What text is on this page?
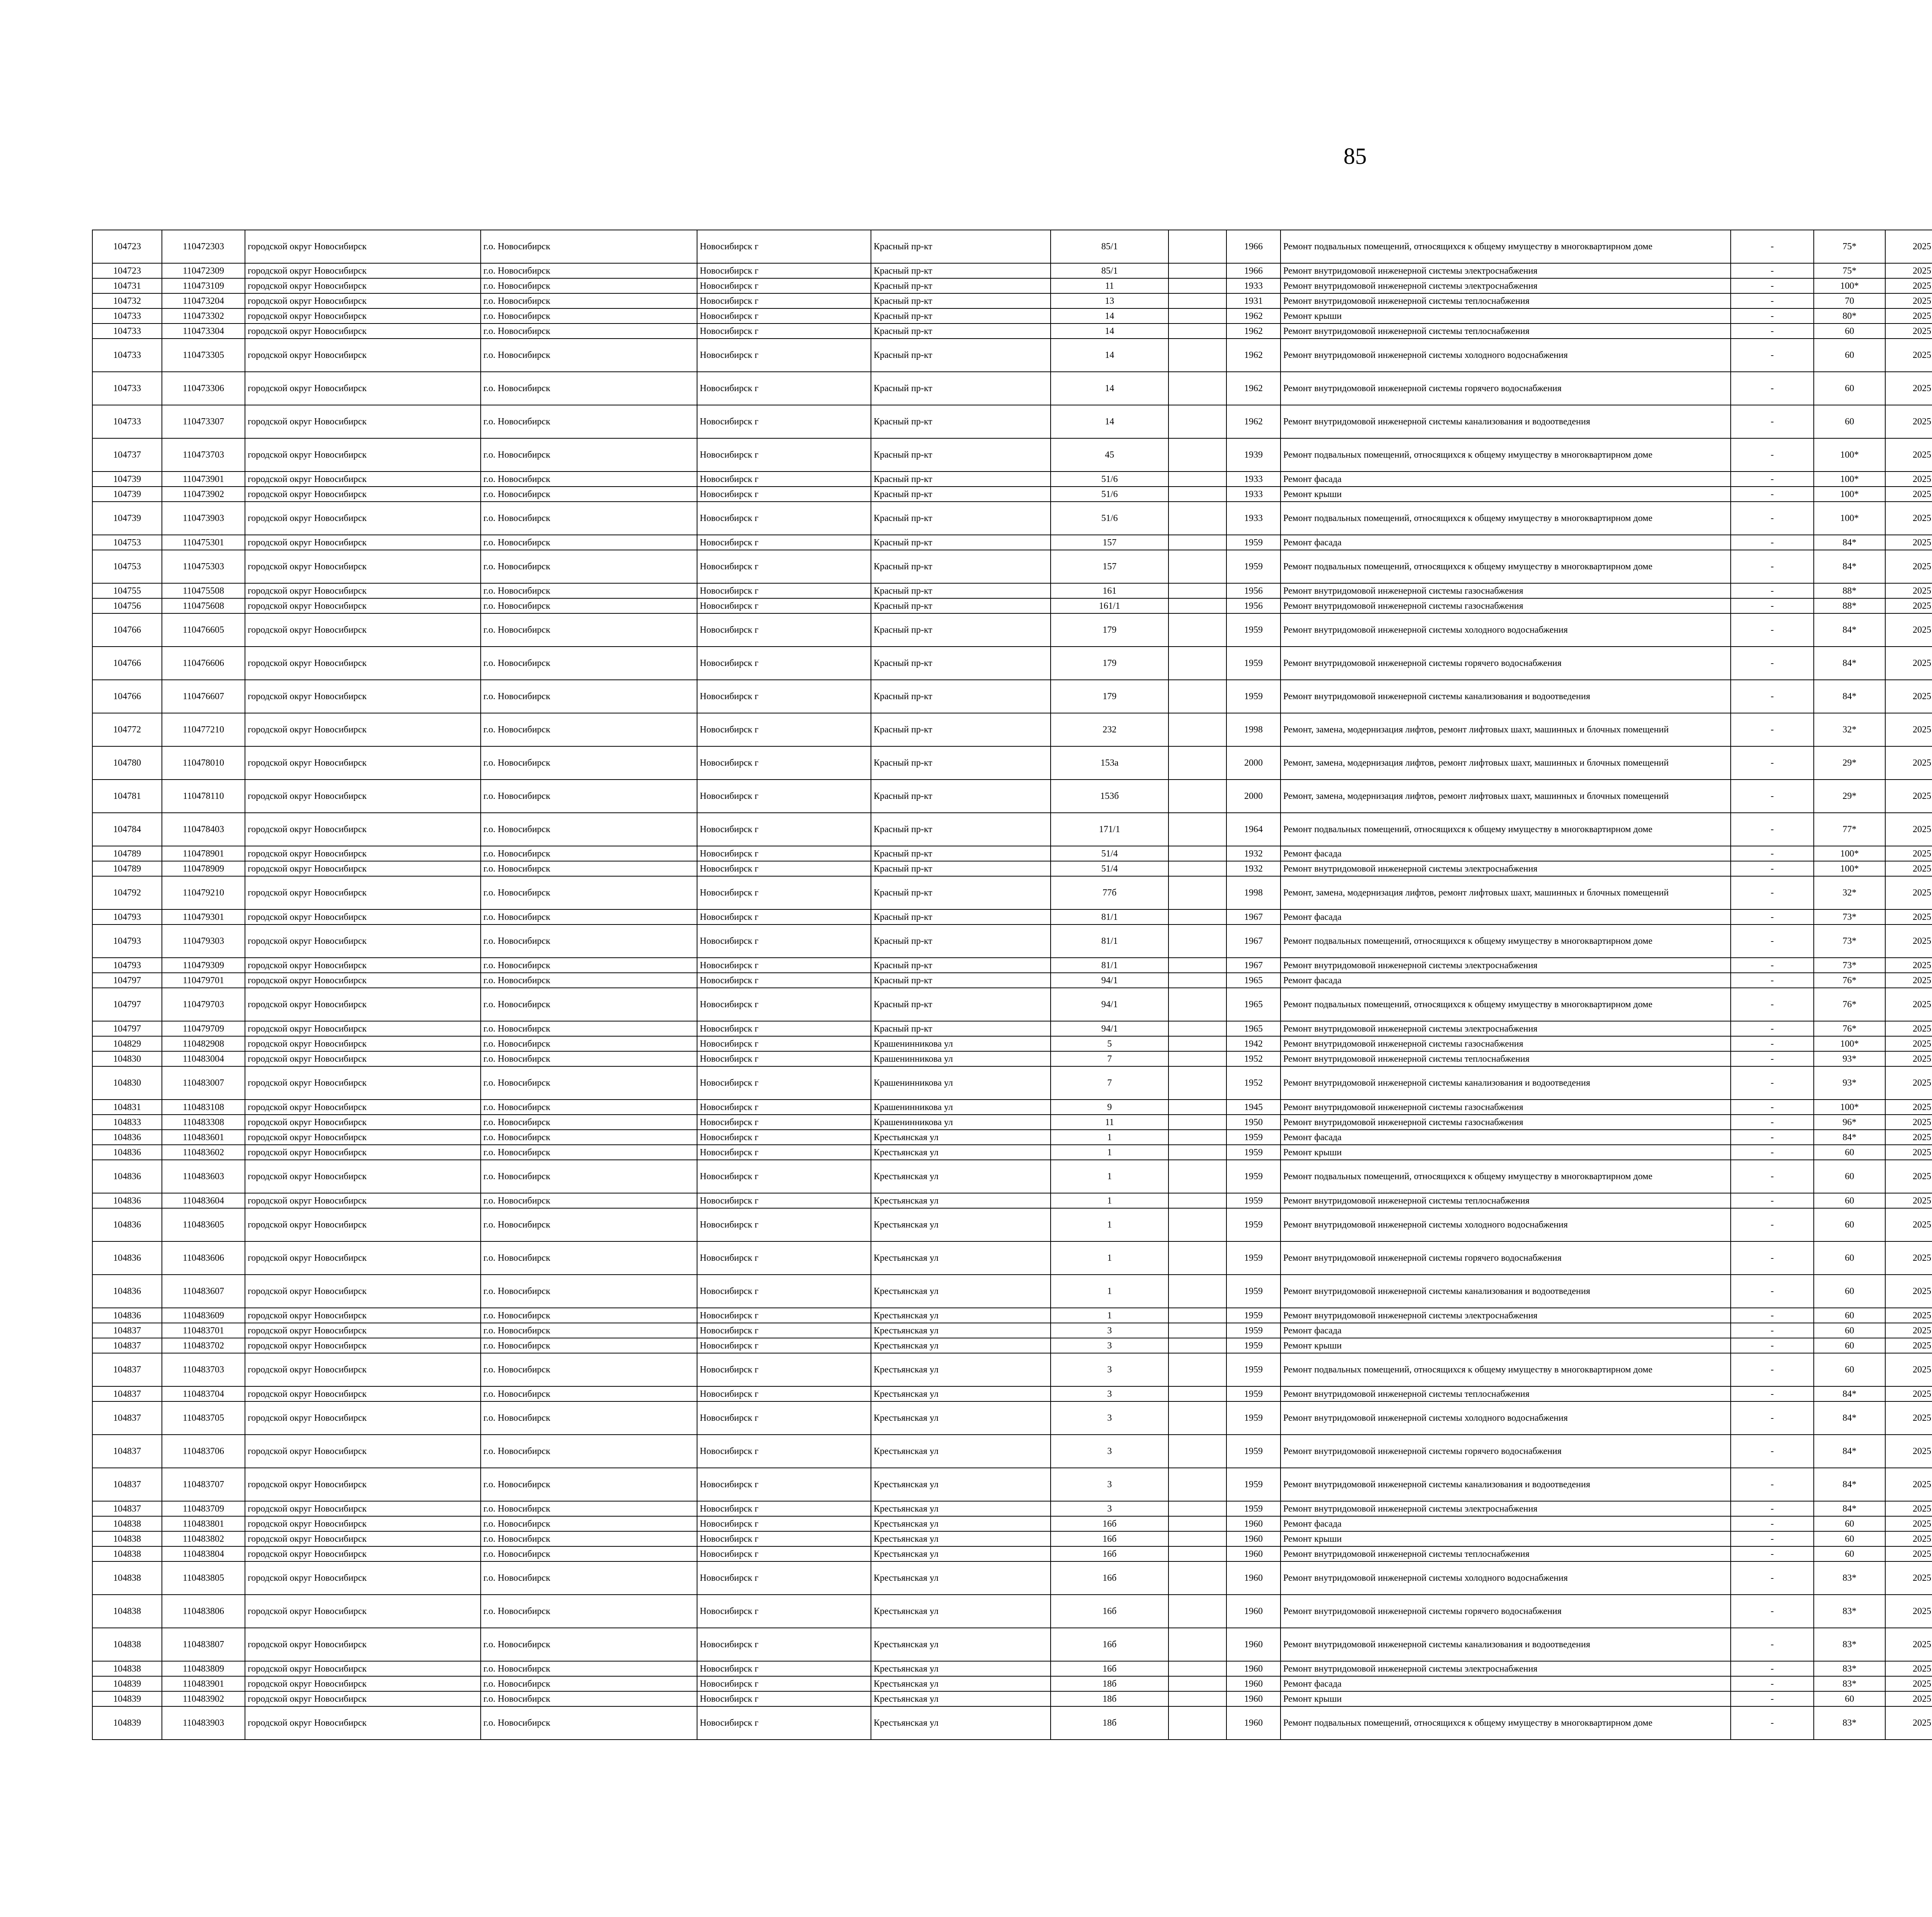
85
104723	110472303	городской округ Новосибирск	г.о. Новосибирск	Новосибирск г	Красный пр-кт	85/1		1966	Ремонт подвальных помещений, относящихся к общему имуществу в многоквартирном доме	-	75*	2025						
104723	110472309	городской округ Новосибирск	г.о. Новосибирск	Новосибирск г	Красный пр-кт	85/1		1966	Ремонт внутридомовой инженерной системы электроснабжения	-	75*	2025						
104731	110473109	городской округ Новосибирск	г.о. Новосибирск	Новосибирск г	Красный пр-кт	11		1933	Ремонт внутридомовой инженерной системы электроснабжения	-	100*	2025						
104732	110473204	городской округ Новосибирск	г.о. Новосибирск	Новосибирск г	Красный пр-кт	13		1931	Ремонт внутридомовой инженерной системы теплоснабжения	-	70	2025						
104733	110473302	городской округ Новосибирск	г.о. Новосибирск	Новосибирск г	Красный пр-кт	14		1962	Ремонт крыши	-	80*	2025						
104733	110473304	городской округ Новосибирск	г.о. Новосибирск	Новосибирск г	Красный пр-кт	14		1962	Ремонт внутридомовой инженерной системы теплоснабжения	-	60	2025						
104733	110473305	городской округ Новосибирск	г.о. Новосибирск	Новосибирск г	Красный пр-кт	14		1962	Ремонт внутридомовой инженерной системы холодного водоснабжения	-	60	2025						
104733	110473306	городской округ Новосибирск	г.о. Новосибирск	Новосибирск г	Красный пр-кт	14		1962	Ремонт внутридомовой инженерной системы горячего водоснабжения	-	60	2025						
104733	110473307	городской округ Новосибирск	г.о. Новосибирск	Новосибирск г	Красный пр-кт	14		1962	Ремонт внутридомовой инженерной системы канализования и водоотведения	-	60	2025						
104737	110473703	городской округ Новосибирск	г.о. Новосибирск	Новосибирск г	Красный пр-кт	45		1939	Ремонт подвальных помещений, относящихся к общему имуществу в многоквартирном доме	-	100*	2025						
104739	110473901	городской округ Новосибирск	г.о. Новосибирск	Новосибирск г	Красный пр-кт	51/6		1933	Ремонт фасада	-	100*	2025						
104739	110473902	городской округ Новосибирск	г.о. Новосибирск	Новосибирск г	Красный пр-кт	51/6		1933	Ремонт крыши	-	100*	2025						
104739	110473903	городской округ Новосибирск	г.о. Новосибирск	Новосибирск г	Красный пр-кт	51/6		1933	Ремонт подвальных помещений, относящихся к общему имуществу в многоквартирном доме	-	100*	2025						
104753	110475301	городской округ Новосибирск	г.о. Новосибирск	Новосибирск г	Красный пр-кт	157		1959	Ремонт фасада	-	84*	2025						
104753	110475303	городской округ Новосибирск	г.о. Новосибирск	Новосибирск г	Красный пр-кт	157		1959	Ремонт подвальных помещений, относящихся к общему имуществу в многоквартирном доме	-	84*	2025						
104755	110475508	городской округ Новосибирск	г.о. Новосибирск	Новосибирск г	Красный пр-кт	161		1956	Ремонт внутридомовой инженерной системы газоснабжения	-	88*	2025						
104756	110475608	городской округ Новосибирск	г.о. Новосибирск	Новосибирск г	Красный пр-кт	161/1		1956	Ремонт внутридомовой инженерной системы газоснабжения	-	88*	2025						
104766	110476605	городской округ Новосибирск	г.о. Новосибирск	Новосибирск г	Красный пр-кт	179		1959	Ремонт внутридомовой инженерной системы холодного водоснабжения	-	84*	2025						
104766	110476606	городской округ Новосибирск	г.о. Новосибирск	Новосибирск г	Красный пр-кт	179		1959	Ремонт внутридомовой инженерной системы горячего водоснабжения	-	84*	2025						
104766	110476607	городской округ Новосибирск	г.о. Новосибирск	Новосибирск г	Красный пр-кт	179		1959	Ремонт внутридомовой инженерной системы канализования и водоотведения	-	84*	2025						
104772	110477210	городской округ Новосибирск	г.о. Новосибирск	Новосибирск г	Красный пр-кт	232		1998	Ремонт, замена, модернизация лифтов, ремонт лифтовых шахт, машинных и блочных помещений	-	32*	2025						
104780	110478010	городской округ Новосибирск	г.о. Новосибирск	Новосибирск г	Красный пр-кт	153а		2000	Ремонт, замена, модернизация лифтов, ремонт лифтовых шахт, машинных и блочных помещений	-	29*	2025						
104781	110478110	городской округ Новосибирск	г.о. Новосибирск	Новосибирск г	Красный пр-кт	153б		2000	Ремонт, замена, модернизация лифтов, ремонт лифтовых шахт, машинных и блочных помещений	-	29*	2025						
104784	110478403	городской округ Новосибирск	г.о. Новосибирск	Новосибирск г	Красный пр-кт	171/1		1964	Ремонт подвальных помещений, относящихся к общему имуществу в многоквартирном доме	-	77*	2025						
104789	110478901	городской округ Новосибирск	г.о. Новосибирск	Новосибирск г	Красный пр-кт	51/4		1932	Ремонт фасада	-	100*	2025						
104789	110478909	городской округ Новосибирск	г.о. Новосибирск	Новосибирск г	Красный пр-кт	51/4		1932	Ремонт внутридомовой инженерной системы электроснабжения	-	100*	2025						
104792	110479210	городской округ Новосибирск	г.о. Новосибирск	Новосибирск г	Красный пр-кт	77б		1998	Ремонт, замена, модернизация лифтов, ремонт лифтовых шахт, машинных и блочных помещений	-	32*	2025						
104793	110479301	городской округ Новосибирск	г.о. Новосибирск	Новосибирск г	Красный пр-кт	81/1		1967	Ремонт фасада	-	73*	2025						
104793	110479303	городской округ Новосибирск	г.о. Новосибирск	Новосибирск г	Красный пр-кт	81/1		1967	Ремонт подвальных помещений, относящихся к общему имуществу в многоквартирном доме	-	73*	2025						
104793	110479309	городской округ Новосибирск	г.о. Новосибирск	Новосибирск г	Красный пр-кт	81/1		1967	Ремонт внутридомовой инженерной системы электроснабжения	-	73*	2025						
104797	110479701	городской округ Новосибирск	г.о. Новосибирск	Новосибирск г	Красный пр-кт	94/1		1965	Ремонт фасада	-	76*	2025						
104797	110479703	городской округ Новосибирск	г.о. Новосибирск	Новосибирск г	Красный пр-кт	94/1		1965	Ремонт подвальных помещений, относящихся к общему имуществу в многоквартирном доме	-	76*	2025						
104797	110479709	городской округ Новосибирск	г.о. Новосибирск	Новосибирск г	Красный пр-кт	94/1		1965	Ремонт внутридомовой инженерной системы электроснабжения	-	76*	2025						
104829	110482908	городской округ Новосибирск	г.о. Новосибирск	Новосибирск г	Крашенинникова ул	5		1942	Ремонт внутридомовой инженерной системы газоснабжения	-	100*	2025						
104830	110483004	городской округ Новосибирск	г.о. Новосибирск	Новосибирск г	Крашенинникова ул	7		1952	Ремонт внутридомовой инженерной системы теплоснабжения	-	93*	2025						
104830	110483007	городской округ Новосибирск	г.о. Новосибирск	Новосибирск г	Крашенинникова ул	7		1952	Ремонт внутридомовой инженерной системы канализования и водоотведения	-	93*	2025						
104831	110483108	городской округ Новосибирск	г.о. Новосибирск	Новосибирск г	Крашенинникова ул	9		1945	Ремонт внутридомовой инженерной системы газоснабжения	-	100*	2025						
104833	110483308	городской округ Новосибирск	г.о. Новосибирск	Новосибирск г	Крашенинникова ул	11		1950	Ремонт внутридомовой инженерной системы газоснабжения	-	96*	2025						
104836	110483601	городской округ Новосибирск	г.о. Новосибирск	Новосибирск г	Крестьянская ул	1		1959	Ремонт фасада	-	84*	2025						
104836	110483602	городской округ Новосибирск	г.о. Новосибирск	Новосибирск г	Крестьянская ул	1		1959	Ремонт крыши	-	60	2025						
104836	110483603	городской округ Новосибирск	г.о. Новосибирск	Новосибирск г	Крестьянская ул	1		1959	Ремонт подвальных помещений, относящихся к общему имуществу в многоквартирном доме	-	60	2025						
104836	110483604	городской округ Новосибирск	г.о. Новосибирск	Новосибирск г	Крестьянская ул	1		1959	Ремонт внутридомовой инженерной системы теплоснабжения	-	60	2025						
104836	110483605	городской округ Новосибирск	г.о. Новосибирск	Новосибирск г	Крестьянская ул	1		1959	Ремонт внутридомовой инженерной системы холодного водоснабжения	-	60	2025						
104836	110483606	городской округ Новосибирск	г.о. Новосибирск	Новосибирск г	Крестьянская ул	1		1959	Ремонт внутридомовой инженерной системы горячего водоснабжения	-	60	2025						
104836	110483607	городской округ Новосибирск	г.о. Новосибирск	Новосибирск г	Крестьянская ул	1		1959	Ремонт внутридомовой инженерной системы канализования и водоотведения	-	60	2025						
104836	110483609	городской округ Новосибирск	г.о. Новосибирск	Новосибирск г	Крестьянская ул	1		1959	Ремонт внутридомовой инженерной системы электроснабжения	-	60	2025						
104837	110483701	городской округ Новосибирск	г.о. Новосибирск	Новосибирск г	Крестьянская ул	3		1959	Ремонт фасада	-	60	2025						
104837	110483702	городской округ Новосибирск	г.о. Новосибирск	Новосибирск г	Крестьянская ул	3		1959	Ремонт крыши	-	60	2025						
104837	110483703	городской округ Новосибирск	г.о. Новосибирск	Новосибирск г	Крестьянская ул	3		1959	Ремонт подвальных помещений, относящихся к общему имуществу в многоквартирном доме	-	60	2025						
104837	110483704	городской округ Новосибирск	г.о. Новосибирск	Новосибирск г	Крестьянская ул	3		1959	Ремонт внутридомовой инженерной системы теплоснабжения	-	84*	2025						
104837	110483705	городской округ Новосибирск	г.о. Новосибирск	Новосибирск г	Крестьянская ул	3		1959	Ремонт внутридомовой инженерной системы холодного водоснабжения	-	84*	2025						
104837	110483706	городской округ Новосибирск	г.о. Новосибирск	Новосибирск г	Крестьянская ул	3		1959	Ремонт внутридомовой инженерной системы горячего водоснабжения	-	84*	2025						
104837	110483707	городской округ Новосибирск	г.о. Новосибирск	Новосибирск г	Крестьянская ул	3		1959	Ремонт внутридомовой инженерной системы канализования и водоотведения	-	84*	2025						
104837	110483709	городской округ Новосибирск	г.о. Новосибирск	Новосибирск г	Крестьянская ул	3		1959	Ремонт внутридомовой инженерной системы электроснабжения	-	84*	2025						
104838	110483801	городской округ Новосибирск	г.о. Новосибирск	Новосибирск г	Крестьянская ул	16б		1960	Ремонт фасада	-	60	2025						
104838	110483802	городской округ Новосибирск	г.о. Новосибирск	Новосибирск г	Крестьянская ул	16б		1960	Ремонт крыши	-	60	2025						
104838	110483804	городской округ Новосибирск	г.о. Новосибирск	Новосибирск г	Крестьянская ул	16б		1960	Ремонт внутридомовой инженерной системы теплоснабжения	-	60	2025						
104838	110483805	городской округ Новосибирск	г.о. Новосибирск	Новосибирск г	Крестьянская ул	16б		1960	Ремонт внутридомовой инженерной системы холодного водоснабжения	-	83*	2025						
104838	110483806	городской округ Новосибирск	г.о. Новосибирск	Новосибирск г	Крестьянская ул	16б		1960	Ремонт внутридомовой инженерной системы горячего водоснабжения	-	83*	2025						
104838	110483807	городской округ Новосибирск	г.о. Новосибирск	Новосибирск г	Крестьянская ул	16б		1960	Ремонт внутридомовой инженерной системы канализования и водоотведения	-	83*	2025						
104838	110483809	городской округ Новосибирск	г.о. Новосибирск	Новосибирск г	Крестьянская ул	16б		1960	Ремонт внутридомовой инженерной системы электроснабжения	-	83*	2025						
104839	110483901	городской округ Новосибирск	г.о. Новосибирск	Новосибирск г	Крестьянская ул	18б		1960	Ремонт фасада	-	83*	2025						
104839	110483902	городской округ Новосибирск	г.о. Новосибирск	Новосибирск г	Крестьянская ул	18б		1960	Ремонт крыши	-	60	2025						
104839	110483903	городской округ Новосибирск	г.о. Новосибирск	Новосибирск г	Крестьянская ул	18б		1960	Ремонт подвальных помещений, относящихся к общему имуществу в многоквартирном доме	-	83*	2025						
